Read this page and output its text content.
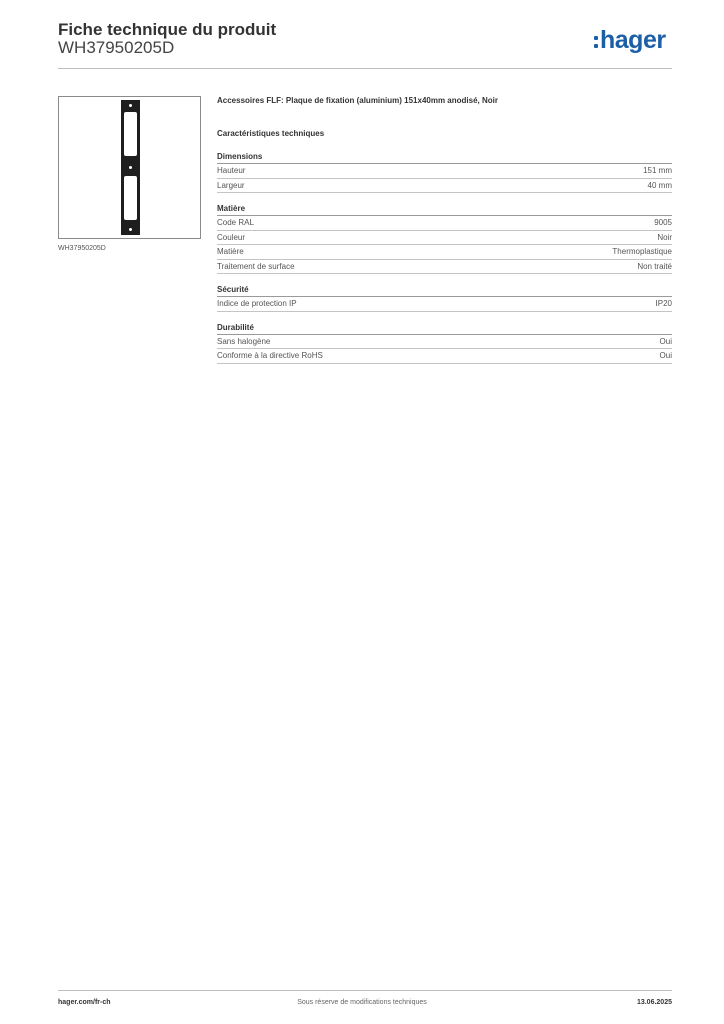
Fiche technique du produit
WH37950205D	hager
WH37950205D
Accessoires FLF: Plaque de fixation (aluminium) 151x40mm anodisé, Noir
Caractéristiques techniques
Dimensions
Hauteur	151 mm
Largeur	40 mm
Matière
Code RAL	9005
Couleur	Noir
Matière	Thermoplastique
Traitement de surface	Non traité
Sécurité
Indice de protection IP	IP20
Durabilité
Sans halogène	Oui
Conforme à la directive RoHS	Oui
hager.com/fr-ch	Sous réserve de modifications techniques	13.06.2025
